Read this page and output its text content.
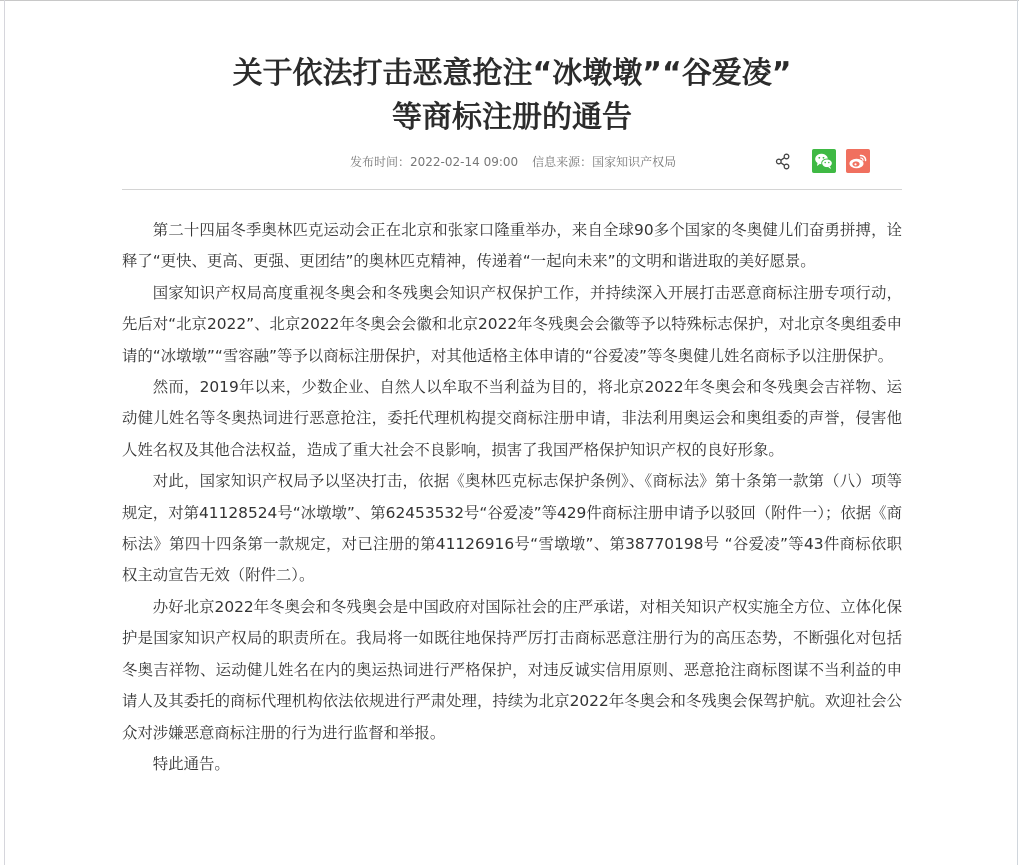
关于依法打击恶意抢注“冰墩墩”“谷爱凌”
等商标注册的通告
发布时间：2022-02-14 09:00 信息来源：国家知识产权局

第二十四届冬季奥林匹克运动会正在北京和张家口隆重举办，来自全球90多个国家的冬奥健儿们奋勇拼搏，诠释了“更快、更高、更强、更团结”的奥林匹克精神，传递着“一起向未来”的文明和谐进取的美好愿景。

国家知识产权局高度重视冬奥会和冬残奥会知识产权保护工作，并持续深入开展打击恶意商标注册专项行动，先后对“北京2022”、北京2022年冬奥会会徽和北京2022年冬残奥会会徽等予以特殊标志保护，对北京冬奥组委申请的“冰墩墩”“雪容融”等予以商标注册保护，对其他适格主体申请的“谷爱凌”等冬奥健儿姓名商标予以注册保护。

然而，2019年以来，少数企业、自然人以牟取不当利益为目的，将北京2022年冬奥会和冬残奥会吉祥物、运动健儿姓名等冬奥热词进行恶意抢注，委托代理机构提交商标注册申请，非法利用奥运会和奥组委的声誉，侵害他人姓名权及其他合法权益，造成了重大社会不良影响，损害了我国严格保护知识产权的良好形象。

对此，国家知识产权局予以坚决打击，依据《奥林匹克标志保护条例》、《商标法》第十条第一款第（八）项等规定，对第41128524号“冰墩墩”、第62453532号“谷爱凌”等429件商标注册申请予以驳回（附件一）；依据《商标法》第四十四条第一款规定，对已注册的第41126916号“雪墩墩”、第38770198号 “谷爱凌”等43件商标依职权主动宣告无效（附件二）。

办好北京2022年冬奥会和冬残奥会是中国政府对国际社会的庄严承诺，对相关知识产权实施全方位、立体化保护是国家知识产权局的职责所在。我局将一如既往地保持严厉打击商标恶意注册行为的高压态势，不断强化对包括冬奥吉祥物、运动健儿姓名在内的奥运热词进行严格保护，对违反诚实信用原则、恶意抢注商标图谋不当利益的申请人及其委托的商标代理机构依法依规进行严肃处理，持续为北京2022年冬奥会和冬残奥会保驾护航。欢迎社会公众对涉嫌恶意商标注册的行为进行监督和举报。

特此通告。
